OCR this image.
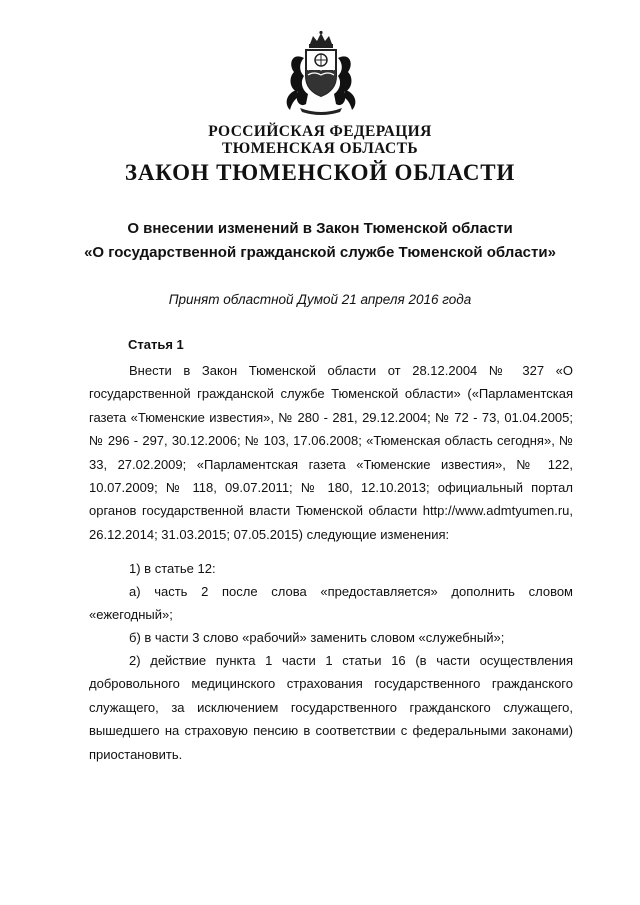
РОССИЙСКАЯ ФЕДЕРАЦИЯ
ТЮМЕНСКАЯ ОБЛАСТЬ
ЗАКОН ТЮМЕНСКОЙ ОБЛАСТИ
О внесении изменений в Закон Тюменской области
«О государственной гражданской службе Тюменской области»
Принят областной Думой 21 апреля 2016 года
Статья 1

Внести в Закон Тюменской области от 28.12.2004 № 327 «О государственной гражданской службе Тюменской области» («Парламентская газета «Тюменские известия», № 280 - 281, 29.12.2004; № 72 - 73, 01.04.2005; № 296 - 297, 30.12.2006; № 103, 17.06.2008; «Тюменская область сегодня», № 33, 27.02.2009; «Парламентская газета «Тюменские известия», № 122, 10.07.2009; № 118, 09.07.2011; № 180, 12.10.2013; официальный портал органов государственной власти Тюменской области http://www.admtyumen.ru, 26.12.2014; 31.03.2015; 07.05.2015) следующие изменения:

1) в статье 12:

а) часть 2 после слова «предоставляется» дополнить словом «ежегодный»;

б) в части 3 слово «рабочий» заменить словом «служебный»;

2) действие пункта 1 части 1 статьи 16 (в части осуществления добровольного медицинского страхования государственного гражданского служащего, за исключением государственного гражданского служащего, вышедшего на страховую пенсию в соответствии с федеральными законами) приостановить.
